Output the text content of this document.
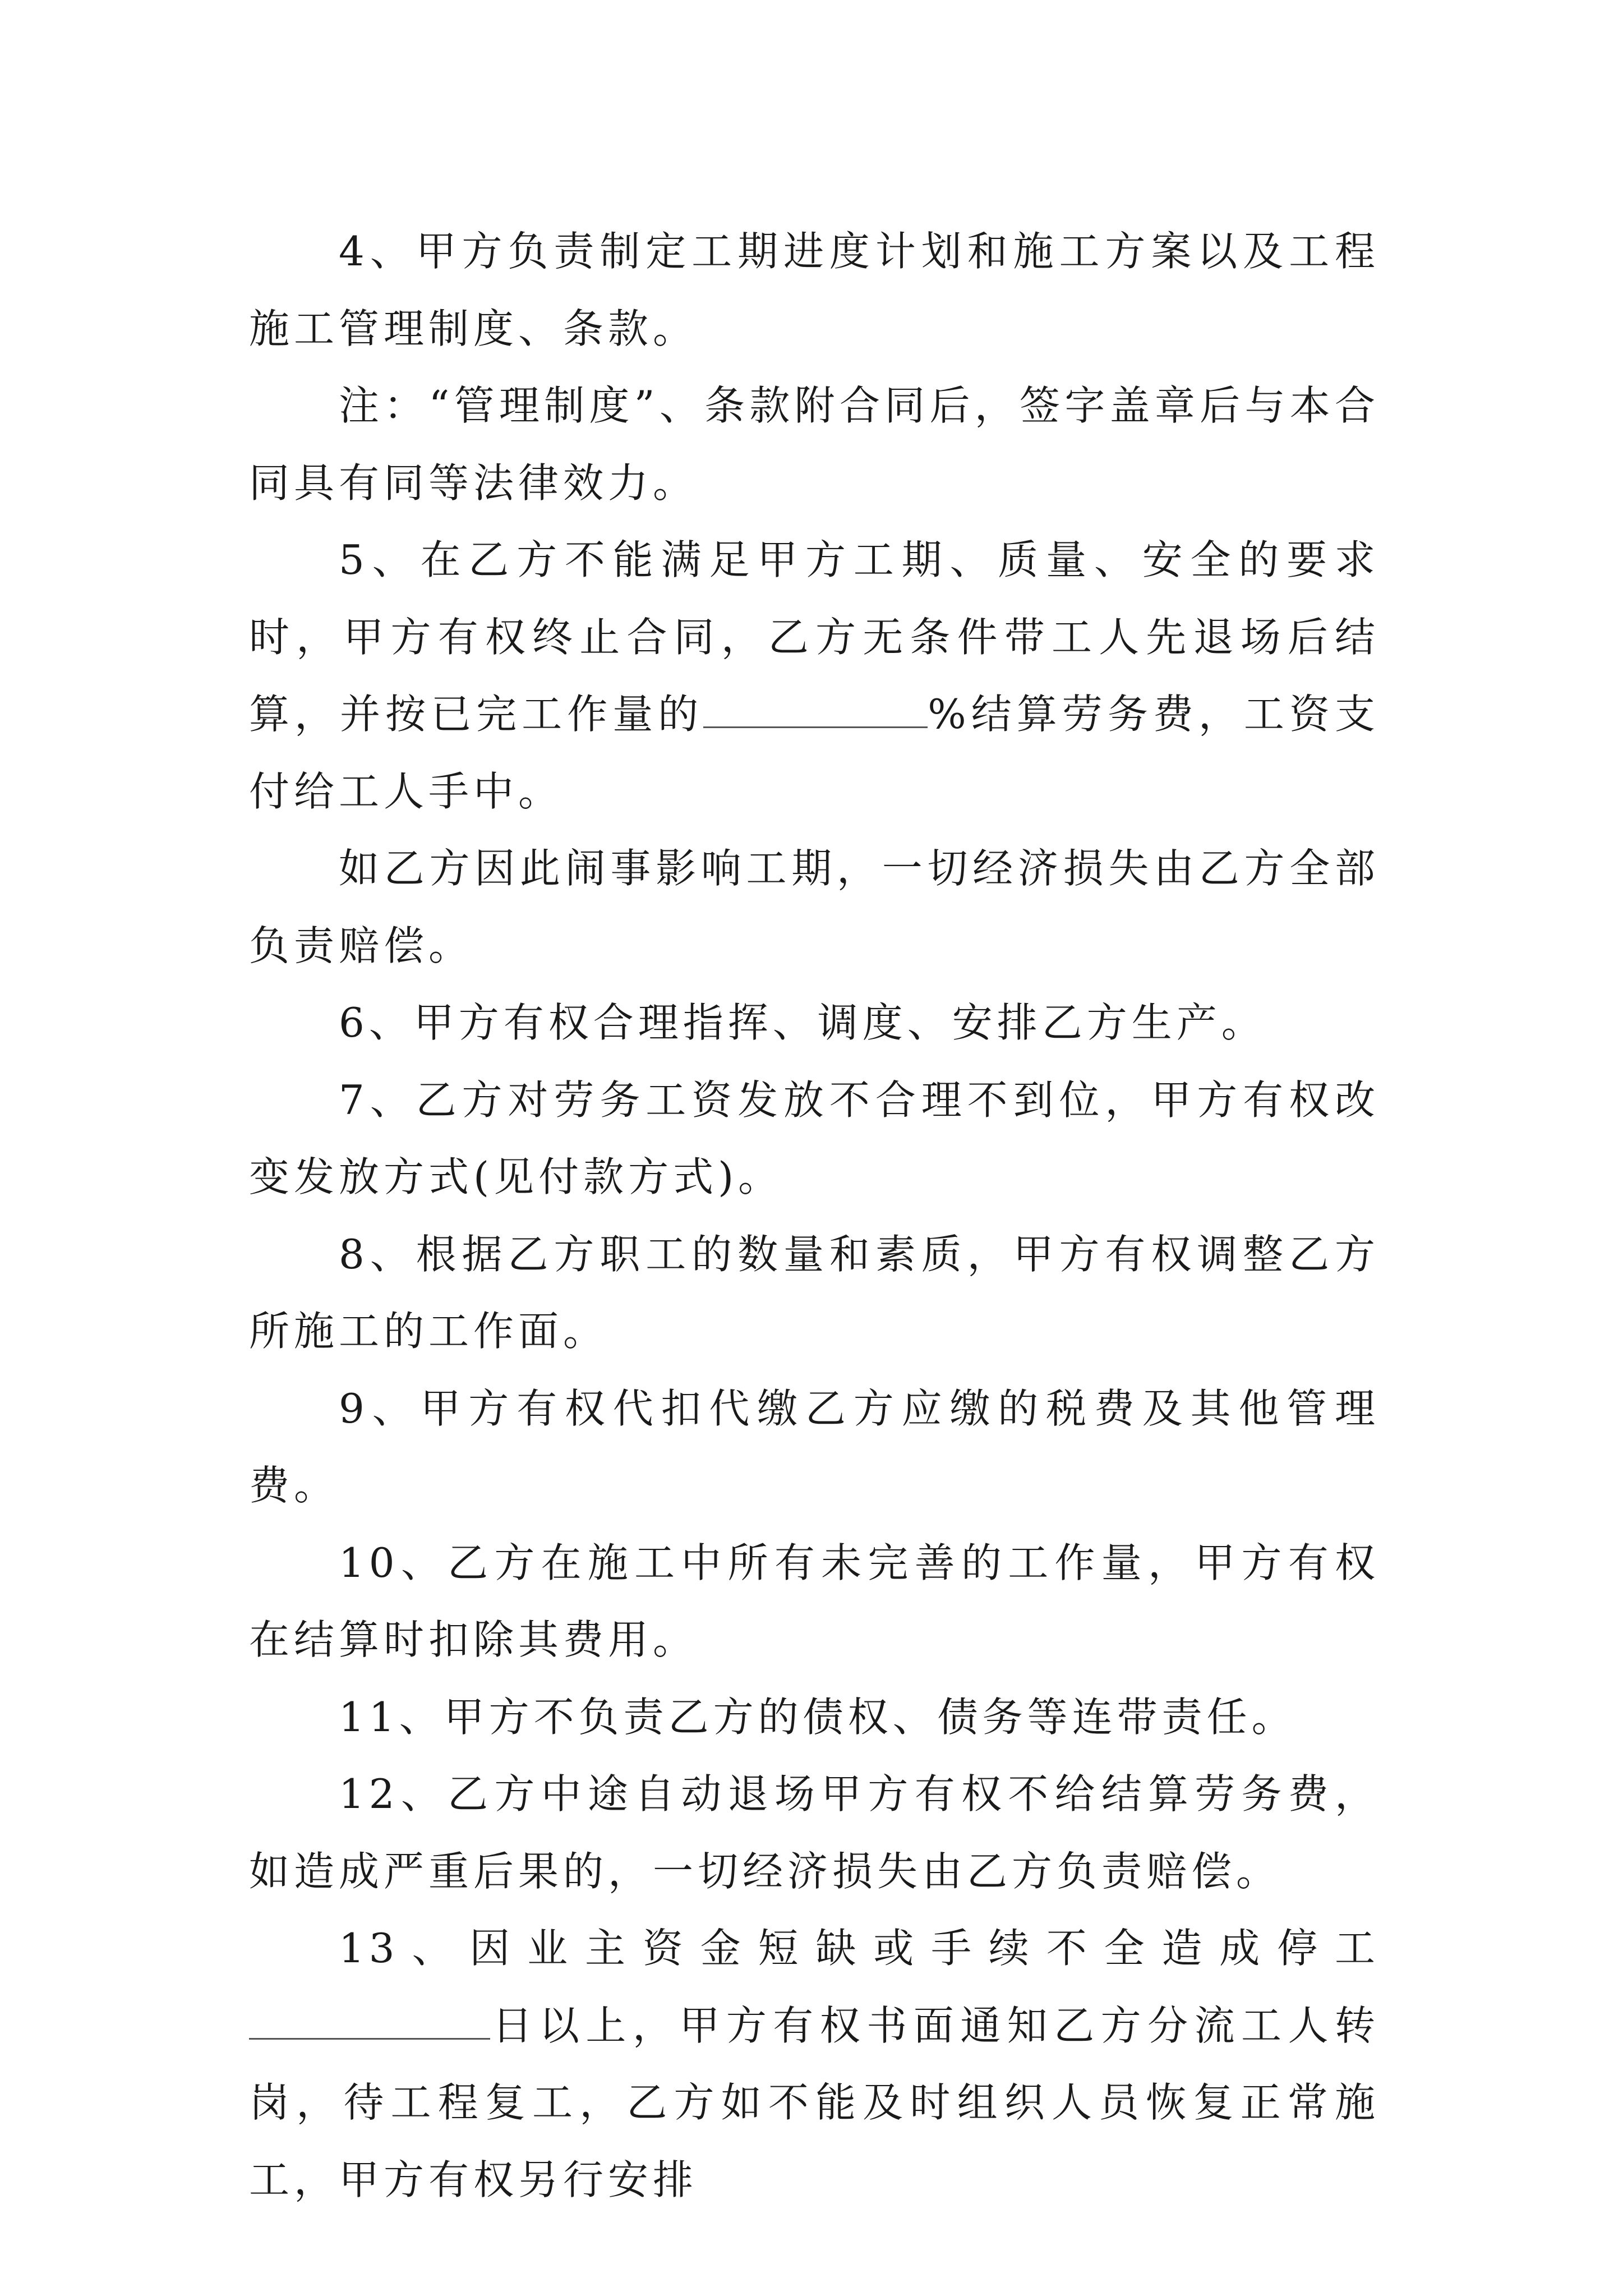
4、甲方负责制定工期进度计划和施工方案以及工程施工管理制度、条款。

注：“管理制度”、条款附合同后，签字盖章后与本合同具有同等法律效力。

5、在乙方不能满足甲方工期、质量、安全的要求时，甲方有权终止合同，乙方无条件带工人先退场后结算，并按已完工作量的	%结算劳务费，工资支付给工人手中。

如乙方因此闹事影响工期，一切经济损失由乙方全部负责赔偿。

6、甲方有权合理指挥、调度、安排乙方生产。

7、乙方对劳务工资发放不合理不到位，甲方有权改变发放方式(见付款方式)。

8、根据乙方职工的数量和素质，甲方有权调整乙方所施工的工作面。

9、甲方有权代扣代缴乙方应缴的税费及其他管理费。

10、乙方在施工中所有未完善的工作量，甲方有权在结算时扣除其费用。

11、甲方不负责乙方的债权、债务等连带责任。

12、乙方中途自动退场甲方有权不给结算劳务费，如造成严重后果的，一切经济损失由乙方负责赔偿。

13、因业主资金短缺或手续不全造成停工日以上，甲方有权书面通知乙方分流工人转岗，待工程复工，乙方如不能及时组织人员恢复正常施工，甲方有权另行安排
